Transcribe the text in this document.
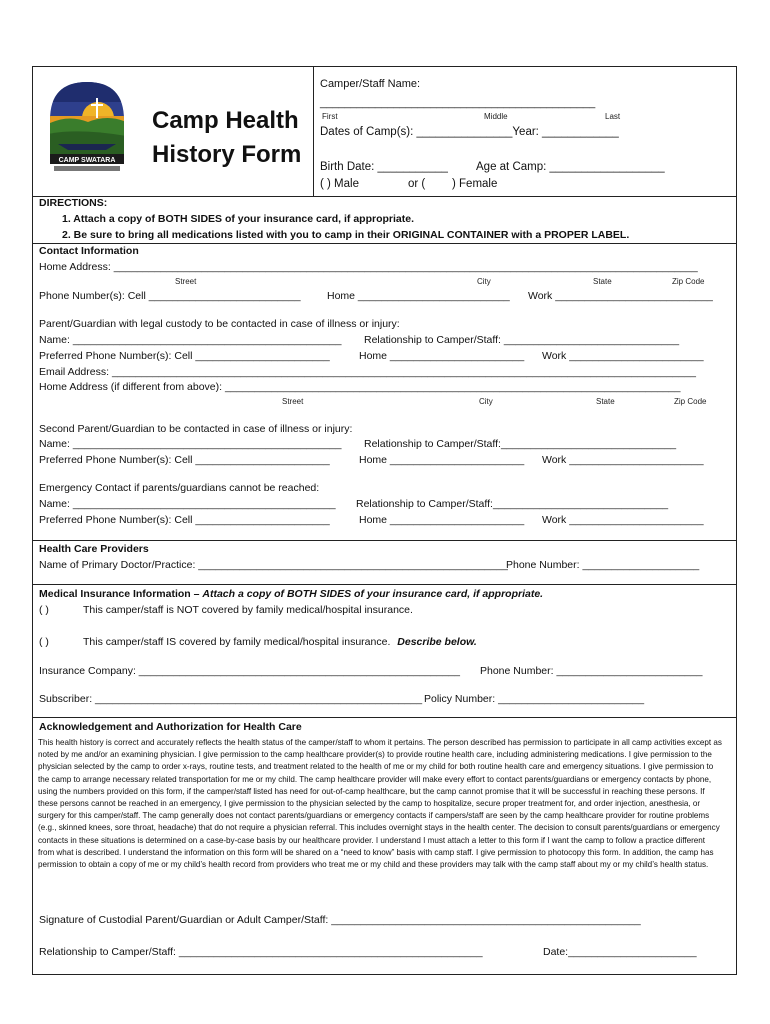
CAMP SWATARA
Camp Health
History Form
Camper/Staff Name:
_____________________________________________
First	Middle	Last
Dates of Camp(s): _______________Year: ____________
Birth Date: ___________ Age at Camp: __________________
( ) Male	or ( ) Female
DIRECTIONS:
1. Attach a copy of BOTH SIDES of your insurance card, if appropriate.
2. Be sure to bring all medications listed with you to camp in their ORIGINAL CONTAINER with a PROPER LABEL.
Contact Information
Home Address: ____________________________________________________________________________________________________
Street	City	State	Zip Code
Phone Number(s): Cell __________________________	Home __________________________ Work ___________________________
Parent/Guardian with legal custody to be contacted in case of illness or injury:
Name: ______________________________________________ Relationship to Camper/Staff: ______________________________
Preferred Phone Number(s): Cell _______________________	Home _______________________ Work _______________________
Email Address: ____________________________________________________________________________________________________
Home Address (if different from above): ______________________________________________________________________________
Street	City	State	Zip Code
Second Parent/Guardian to be contacted in case of illness or injury:
Name: ______________________________________________ Relationship to Camper/Staff:______________________________
Preferred Phone Number(s): Cell _______________________	Home _______________________ Work _______________________
Emergency Contact if parents/guardians cannot be reached:
Name: _____________________________________________ Relationship to Camper/Staff:______________________________
Preferred Phone Number(s): Cell _______________________	Home _______________________ Work _______________________
Health Care Providers
Name of Primary Doctor/Practice: _____________________________________________________
Phone Number: ____________________
Medical Insurance Information – Attach a copy of BOTH SIDES of your insurance card, if appropriate.
( )	This camper/staff is NOT covered by family medical/hospital insurance.
( )	This camper/staff IS covered by family medical/hospital insurance. Describe below.
Insurance Company: _______________________________________________________ Phone Number: _________________________
Subscriber: ________________________________________________________ Policy Number: _________________________
Acknowledgement and Authorization for Health Care
This health history is correct and accurately reflects the health status of the camper/staff to whom it pertains. The person described has permission to participate in all camp activities except as noted by me and/or an examining physician. I give permission to the camp healthcare provider(s) to provide routine health care, including administering medications. I give permission to the physician selected by the camp to order x-rays, routine tests, and treatment related to the health of me or my child for both routine health care and emergency situations. I give permission to the camp to arrange necessary related transportation for me or my child. The camp healthcare provider will make every effort to contact parents/guardians or emergency contacts by phone, using the numbers provided on this form, if the camper/staff listed has need for out-of-camp healthcare, but the camp cannot promise that it will be successful in reaching these persons. If these persons cannot be reached in an emergency, I give permission to the physician selected by the camp to hospitalize, secure proper treatment for, and order injection, anesthesia, or surgery for this camper/staff. The camp generally does not contact parents/guardians or emergency contacts if campers/staff are seen by the camp healthcare provider for routine problems (e.g., skinned knees, sore throat, headache) that do not require a physician referral. This includes overnight stays in the health center. The decision to consult parents/guardians or emergency contacts in these situations is determined on a case-by-case basis by our healthcare provider. I understand I must attach a letter to this form if I want the camp to follow a practice different from what is described. I understand the information on this form will be shared on a “need to know” basis with camp staff. I give permission to photocopy this form. In addition, the camp has permission to obtain a copy of me or my child’s health record from providers who treat me or my child and these providers may talk with the camp staff about my or my child’s health status.
Signature of Custodial Parent/Guardian or Adult Camper/Staff: _____________________________________________________
Relationship to Camper/Staff: ____________________________________________________	Date:______________________
